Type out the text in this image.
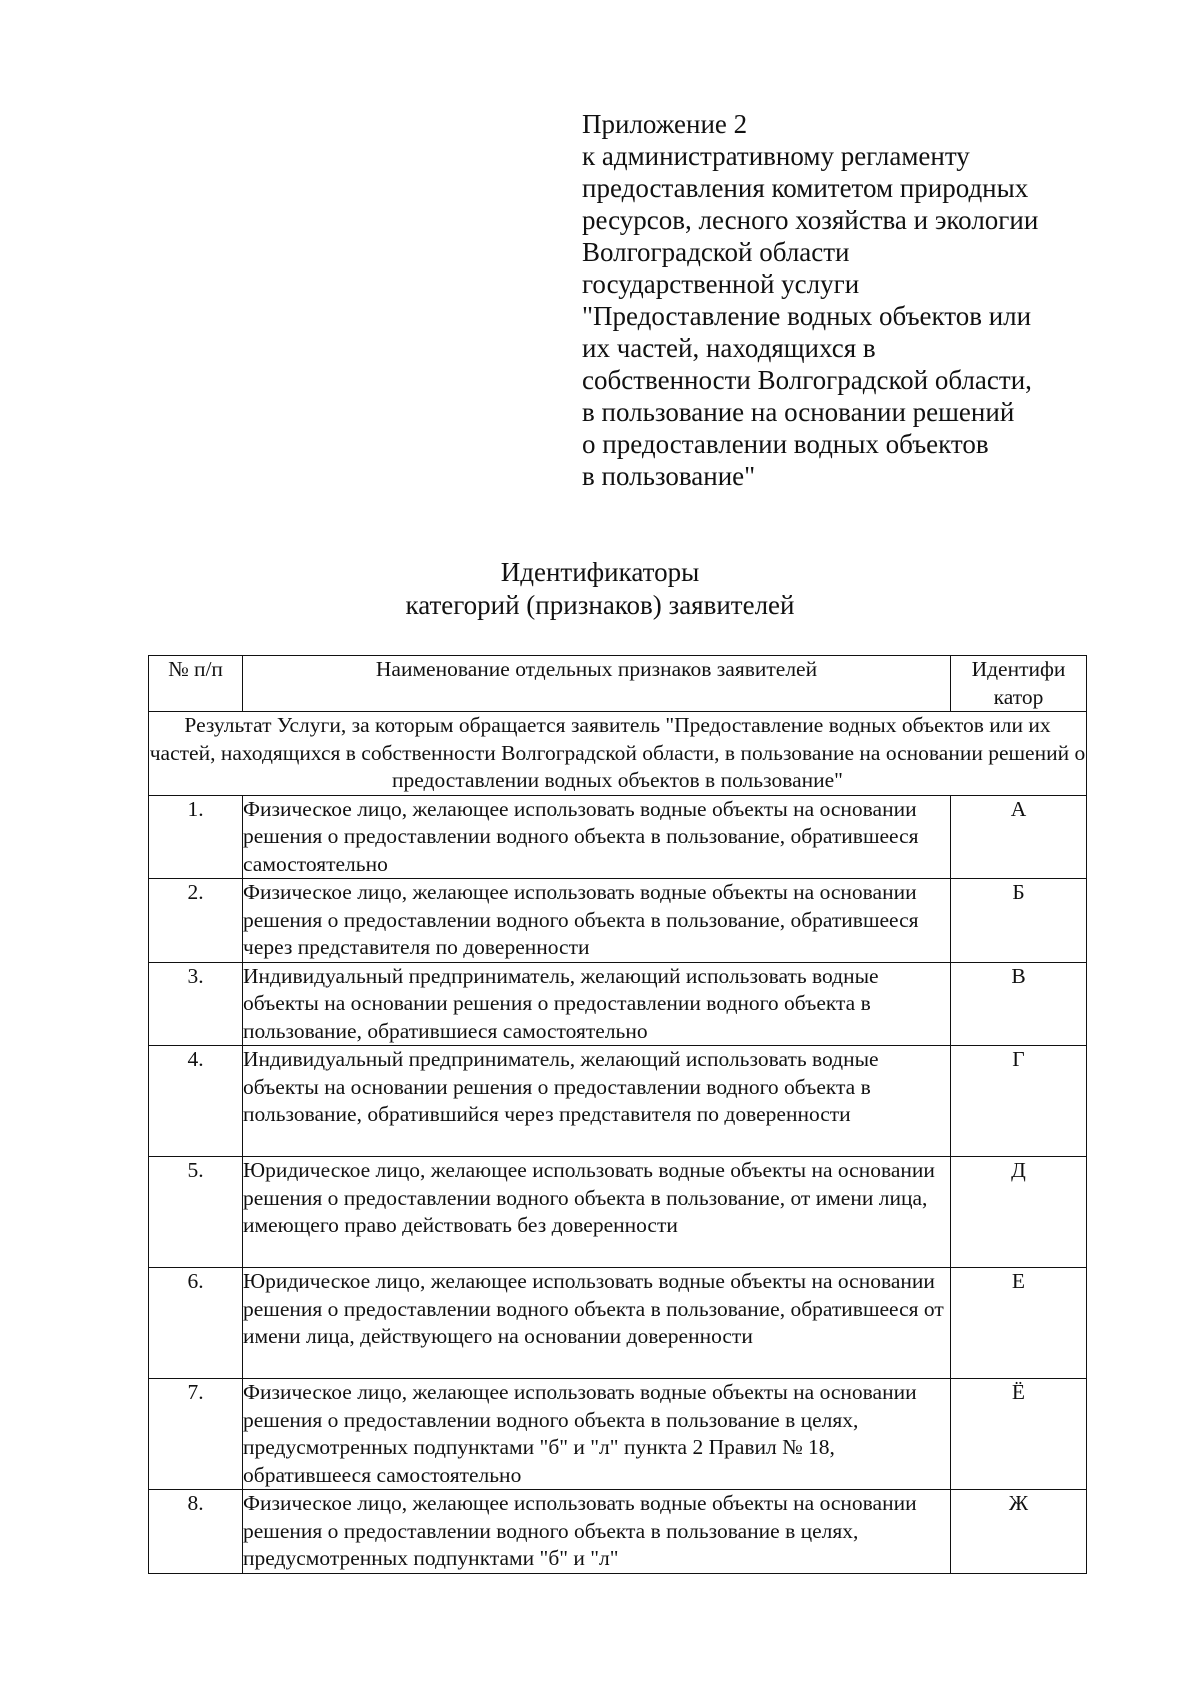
Приложение 2
к административному регламенту
предоставления комитетом природных
ресурсов, лесного хозяйства и экологии
Волгоградской области
государственной услуги
"Предоставление водных объектов или
их частей, находящихся в
собственности Волгоградской области,
в пользование на основании решений
о предоставлении водных объектов
в пользование"
Идентификаторы
категорий (признаков) заявителей
№ п/п	Наименование отдельных признаков заявителей	Идентифи катор
Результат Услуги, за которым обращается заявитель "Предоставление водных объектов или их частей, находящихся в собственности Волгоградской области, в пользование на основании решений о предоставлении водных объектов в пользование"		
1.	Физическое лицо, желающее использовать водные объекты на основании решения о предоставлении водного объекта в пользование, обратившееся самостоятельно	А
2.	Физическое лицо, желающее использовать водные объекты на основании решения о предоставлении водного объекта в пользование, обратившееся через представителя по доверенности	Б
3.	Индивидуальный предприниматель, желающий использовать водные объекты на основании решения о предоставлении водного объекта в пользование, обратившиеся самостоятельно	В
4.	Индивидуальный предприниматель, желающий использовать водные объекты на основании решения о предоставлении водного объекта в пользование, обратившийся через представителя по доверенности	Г
5.	Юридическое лицо, желающее использовать водные объекты на основании решения о предоставлении водного объекта в пользование, от имени лица, имеющего право действовать без доверенности	Д
6.	Юридическое лицо, желающее использовать водные объекты на основании решения о предоставлении водного объекта в пользование, обратившееся от имени лица, действующего на основании доверенности	Е
7.	Физическое лицо, желающее использовать водные объекты на основании решения о предоставлении водного объекта в пользование в целях, предусмотренных подпунктами "б" и "л" пункта 2 Правил № 18, обратившееся самостоятельно	Ё
8.	Физическое лицо, желающее использовать водные объекты на основании решения о предоставлении водного объекта в пользование в целях, предусмотренных подпунктами "б" и "л"	Ж
